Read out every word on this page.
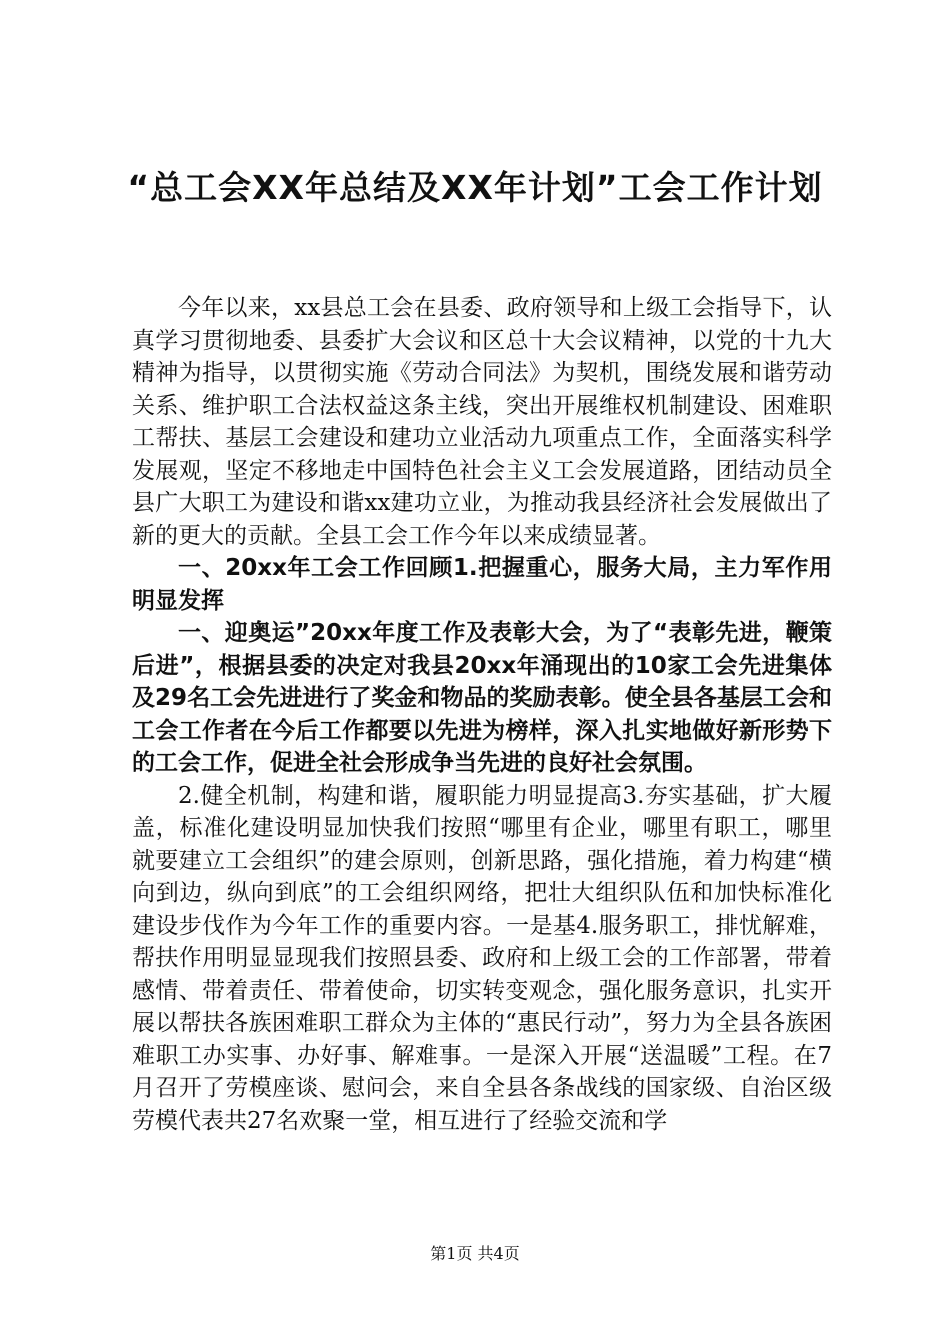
“总工会XX年总结及XX年计划”工会工作计划

今年以来，xx县总工会在县委、政府领导和上级工会指导下，认真学习贯彻地委、县委扩大会议和区总十大会议精神，以党的十九大精神为指导，以贯彻实施《劳动合同法》为契机，围绕发展和谐劳动关系、维护职工合法权益这条主线，突出开展维权机制建设、困难职工帮扶、基层工会建设和建功立业活动九项重点工作，全面落实科学发展观，坚定不移地走中国特色社会主义工会发展道路，团结动员全县广大职工为建设和谐xx建功立业，为推动我县经济社会发展做出了新的更大的贡献。全县工会工作今年以来成绩显著。

一、20xx年工会工作回顾1.把握重心，服务大局，主力军作用明显发挥

一、迎奥运”20xx年度工作及表彰大会，为了“表彰先进，鞭策后进”，根据县委的决定对我县20xx年涌现出的10家工会先进集体及29名工会先进进行了奖金和物品的奖励表彰。使全县各基层工会和工会工作者在今后工作都要以先进为榜样，深入扎实地做好新形势下的工会工作，促进全社会形成争当先进的良好社会氛围。

2.健全机制，构建和谐，履职能力明显提高3.夯实基础，扩大履盖，标准化建设明显加快我们按照“哪里有企业，哪里有职工，哪里就要建立工会组织”的建会原则，创新思路，强化措施，着力构建“横向到边，纵向到底”的工会组织网络，把壮大组织队伍和加快标准化建设步伐作为今年工作的重要内容。一是基4.服务职工，排忧解难，帮扶作用明显显现我们按照县委、政府和上级工会的工作部署，带着感情、带着责任、带着使命，切实转变观念，强化服务意识，扎实开展以帮扶各族困难职工群众为主体的“惠民行动”，努力为全县各族困难职工办实事、办好事、解难事。一是深入开展“送温暖”工程。在7月召开了劳模座谈、慰问会，来自全县各条战线的国家级、自治区级劳模代表共27名欢聚一堂，相互进行了经验交流和学

第1页 共4页
